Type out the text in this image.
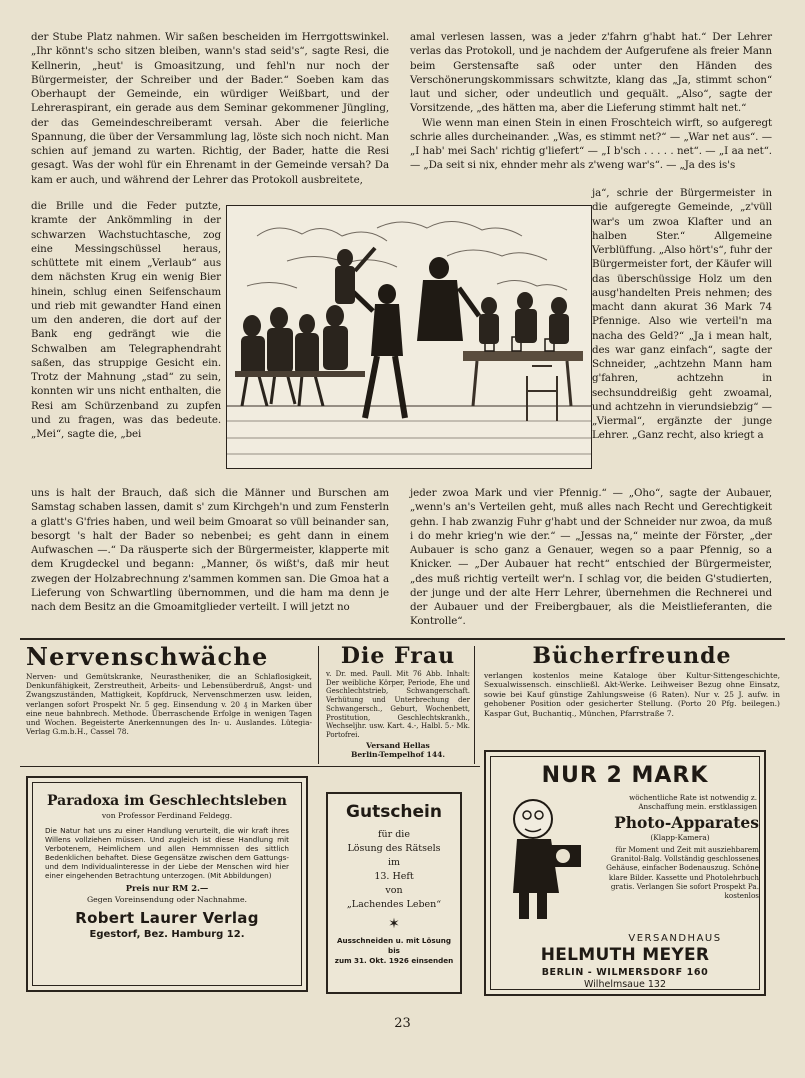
der Stube Platz nahmen. Wir saßen bescheiden im Herrgottswinkel. „Ihr könnt's scho sitzen bleiben, wann's stad seid's“, sagte Resi, die Kellnerin, „heut' is Gmoasitzung, und fehl'n nur noch der Bürgermeister, der Schreiber und der Bader.“ Soeben kam das Oberhaupt der Gemeinde, ein würdiger Weißbart, und der Lehreraspirant, ein gerade aus dem Seminar gekommener Jüngling, der das Gemeindeschreiberamt versah. Aber die feierliche Spannung, die über der Versammlung lag, löste sich noch nicht. Man schien auf jemand zu warten. Richtig, der Bader, hatte die Resi gesagt. Was der wohl für ein Ehrenamt in der Gemeinde versah? Da kam er auch, und während der Lehrer das Protokoll ausbreitete,

die Brille und die Feder putzte, kramte der Ankömmling in der schwarzen Wachstuchtasche, zog eine Messingschüssel heraus, schüttete mit einem „Verlaub“ aus dem nächsten Krug ein wenig Bier hinein, schlug einen Seifenschaum und rieb mit gewandter Hand einen um den anderen, die dort auf der Bank eng gedrängt wie die Schwalben am Telegraphendraht saßen, das struppige Gesicht ein. Trotz der Mahnung „stad“ zu sein, konnten wir uns nicht enthalten, die Resi am Schürzenband zu zupfen und zu fragen, was das bedeute. „Mei“, sagte die, „bei

uns is halt der Brauch, daß sich die Männer und Burschen am Samstag schaben lassen, damit s' zum Kirchgeh'n und zum Fensterln a glatt's G'fries haben, und weil beim Gmoarat so vüll beinander san, besorgt 's halt der Bader so nebenbei; es geht dann in einem Aufwaschen —.“ Da räusperte sich der Bürgermeister, klapperte mit dem Krugdeckel und begann: „Manner, ös wißt's, daß mir heut zwegen der Holzabrechnung z'sammen kommen san. Die Gmoa hat a Lieferung von Schwartling übernommen, und die ham ma denn je nach dem Besitz an die Gmoamitglieder verteilt. I will jetzt no

amal verlesen lassen, was a jeder z'fahrn g'habt hat.“ Der Lehrer verlas das Protokoll, und je nachdem der Aufgerufene als freier Mann beim Gerstensafte saß oder unter den Händen des Verschönerungskommissars schwitzte, klang das „Ja, stimmt schon“ laut und sicher, oder undeutlich und gequält. „Also“, sagte der Vorsitzende, „des hätten ma, aber die Lieferung stimmt halt net.“

Wie wenn man einen Stein in einen Froschteich wirft, so aufgeregt schrie alles durcheinander. „Was, es stimmt net?“ — „War net aus“. — „I hab' mei Sach' richtig g'liefert“ — „I b'sch . . . . . net“. — „I aa net“. — „Da seit si nix, ehnder mehr als z'weng war's“. — „Ja des is's

ja“, schrie der Bürgermeister in die aufgeregte Gemeinde, „z'vüll war's um zwoa Klafter und an halben Ster.“ Allgemeine Verblüffung. „Also hört's“, fuhr der Bürgermeister fort, der Käufer will das überschüssige Holz um den ausg'handelten Preis nehmen; des macht dann akurat 36 Mark 74 Pfennige. Also wie verteil'n ma nacha des Geld?“ „Ja i mean halt, des war ganz einfach“, sagte der Schneider, „achtzehn Mann ham g'fahren, achtzehn in sechsunddreißig geht zwoamal, und achtzehn in vierundsiebzig“ — „Viermal“, ergänzte der junge Lehrer. „Ganz recht, also kriegt a

jeder zwoa Mark und vier Pfennig.“ — „Oho“, sagte der Aubauer, „wenn's an's Verteilen geht, muß alles nach Recht und Gerechtigkeit gehn. I hab zwanzig Fuhr g'habt und der Schneider nur zwoa, da muß i do mehr krieg'n wie der.“ — „Jessas na,“ meinte der Förster, „der Aubauer is scho ganz a Genauer, wegen so a paar Pfennig, so a Knicker. — „Der Aubauer hat recht“ entschied der Bürgermeister, „des muß richtig verteilt wer'n. I schlag vor, die beiden G'studierten, der junge und der alte Herr Lehrer, übernehmen die Rechnerei und der Aubauer und der Freibergbauer, als die Meistlieferanten, die Kontrolle“.

Nervenschwäche

Nerven- und Gemütskranke, Neurastheniker, die an Schlaflosigkeit, Denkunfähigkeit, Zerstreutheit, Arbeits- und Lebensüberdruß, Angst- und Zwangszuständen, Mattigkeit, Kopfdruck, Nervenschmerzen usw. leiden, verlangen sofort Prospekt Nr. 5 geg. Einsendung v. 20 ₰ in Marken über eine neue bahnbrech. Methode. Überraschende Erfolge in wenigen Tagen und Wochen. Begeisterte Anerkennungen des In- u. Auslandes. Lütegia-Verlag G.m.b.H., Cassel 78.

Die Frau

v. Dr. med. Paull. Mit 76 Abb. Inhalt: Der weibliche Körper, Periode, Ehe und Geschlechtstrieb, Schwangerschaft. Verhütung und Unterbrechung der Schwangersch., Geburt, Wochenbett, Prostitution, Geschlechtskrankh., Wechseljhr. usw. Kart. 4.-, Halbl. 5.- Mk. Portofrei.

Versand Hellas
Berlin-Tempelhof 144.
Bücherfreunde

verlangen kostenlos meine Kataloge über Kultur-Sittengeschichte, Sexualwissensch. einschließl. Akt-Werke. Leihweiser Bezug ohne Einsatz, sowie bei Kauf günstige Zahlungsweise (6 Raten). Nur v. 25 J. aufw. in gehobener Position oder gesicherter Stellung. (Porto 20 Pfg. beilegen.) Kaspar Gut, Buchantiq., München, Pfarrstraße 7.

Paradoxa im Geschlechtsleben
von Professor Ferdinand Feldegg.

Die Natur hat uns zu einer Handlung verurteilt, die wir kraft ihres Willens vollziehen müssen. Und zugleich ist diese Handlung mit Verbotenem, Heimlichem und allen Hemmnissen des sittlich Bedenklichen behaftet. Diese Gegensätze zwischen dem Gattungs- und dem Individualinteresse in der Liebe der Menschen wird hier einer eingehenden Betrachtung unterzogen. (Mit Abbildungen)

Preis nur RM 2.—
Gegen Voreinsendung oder Nachnahme.
Robert Laurer Verlag
Egestorf, Bez. Hamburg 12.
Gutschein
für die
Lösung des Rätsels
im
13. Heft
von
„Lachendes Leben“
✶
Ausschneiden u. mit Lösung bis
zum 31. Okt. 1926 einsenden
NUR 2 MARK
wöchentliche Rate ist notwendig z. Anschaffung mein. erstklassigen
Photo-Apparates
(Klapp-Kamera)
für Moment und Zeit mit ausziehbarem Granitol-Balg. Vollständig geschlossenes Gehäuse, einfacher Bodenauszug. Schöne klare Bilder. Kassette und Photolehrbuch gratis. Verlangen Sie sofort Prospekt Pa. kostenlos
VERSANDHAUS
HELMUTH MEYER
BERLIN - WILMERSDORF 160
Wilhelmsaue 132
23
